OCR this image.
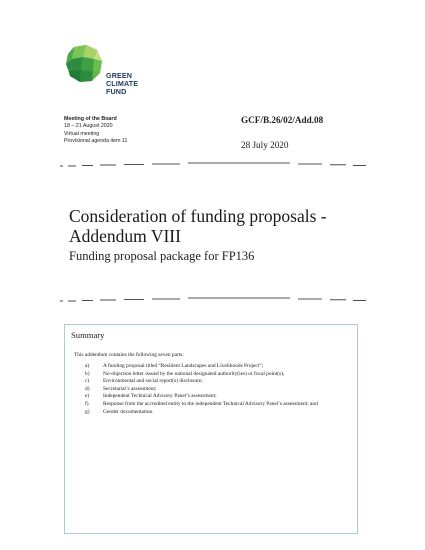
GREEN
CLIMATE
FUND
Meeting of the Board
18 – 21 August 2020
Virtual meeting
Provisional agenda item 11
GCF/B.26/02/Add.08
28 July 2020
Consideration of funding proposals -
Addendum VIII
Funding proposal package for FP136
Summary
This addendum contains the following seven parts:
a)	A funding proposal titled “Resilient Landscapes and Livelihoods Project”;
b)	No-objection letter issued by the national designated authority(ies) or focal point(s);
c)	Environmental and social report(s) disclosure;
d)	Secretariat’s assessment;
e)	Independent Technical Advisory Panel’s assessment;
f)	Response from the accredited entity to the independent Technical Advisory Panel’s assessment; and
g)	Gender documentation.
